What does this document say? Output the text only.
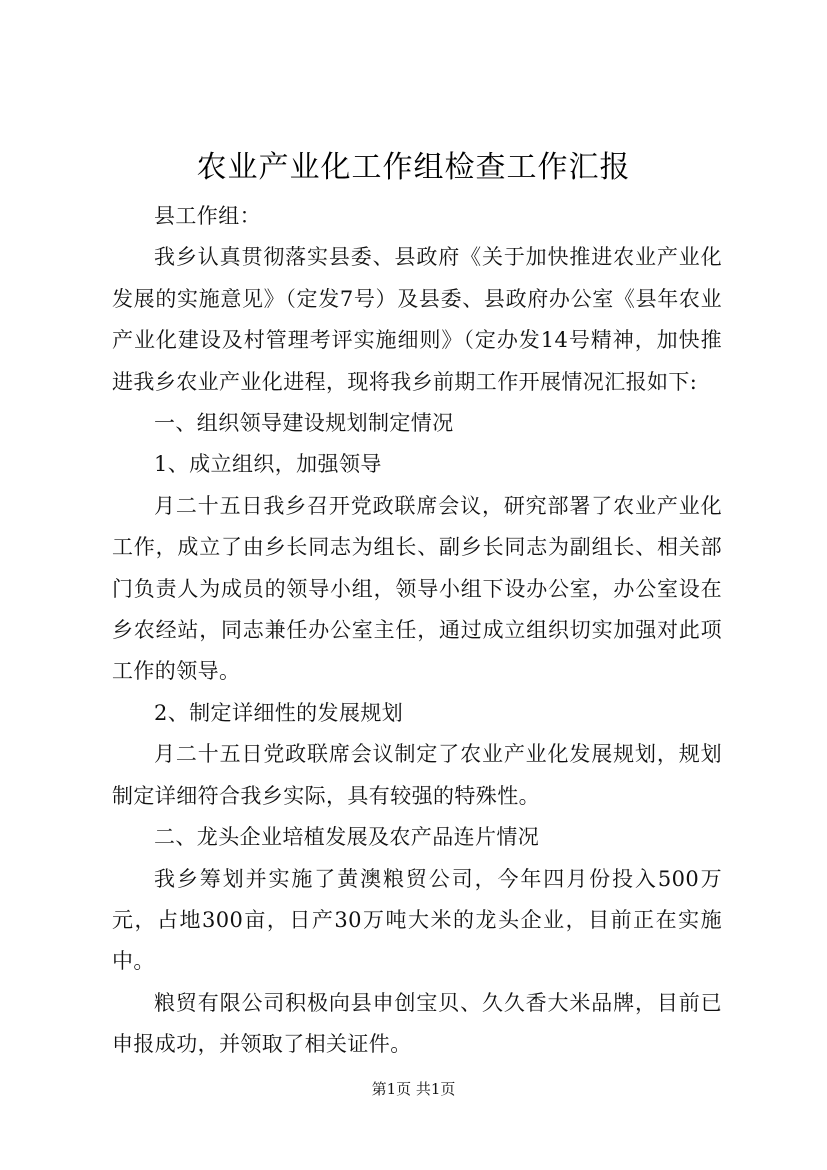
农业产业化工作组检查工作汇报

县工作组：

我乡认真贯彻落实县委、县政府《关于加快推进农业产业化发展的实施意见》（定发7号）及县委、县政府办公室《县年农业产业化建设及村管理考评实施细则》（定办发14号精神，加快推进我乡农业产业化进程，现将我乡前期工作开展情况汇报如下:

一、组织领导建设规划制定情况

1、成立组织，加强领导

月二十五日我乡召开党政联席会议，研究部署了农业产业化工作，成立了由乡长同志为组长、副乡长同志为副组长、相关部门负责人为成员的领导小组，领导小组下设办公室，办公室设在乡农经站，同志兼任办公室主任，通过成立组织切实加强对此项工作的领导。

2、制定详细性的发展规划

月二十五日党政联席会议制定了农业产业化发展规划，规划制定详细符合我乡实际，具有较强的特殊性。

二、龙头企业培植发展及农产品连片情况

我乡筹划并实施了黄澳粮贸公司，今年四月份投入500万元，占地300亩，日产30万吨大米的龙头企业，目前正在实施中。

粮贸有限公司积极向县申创宝贝、久久香大米品牌，目前已申报成功，并领取了相关证件。

第1页 共1页
